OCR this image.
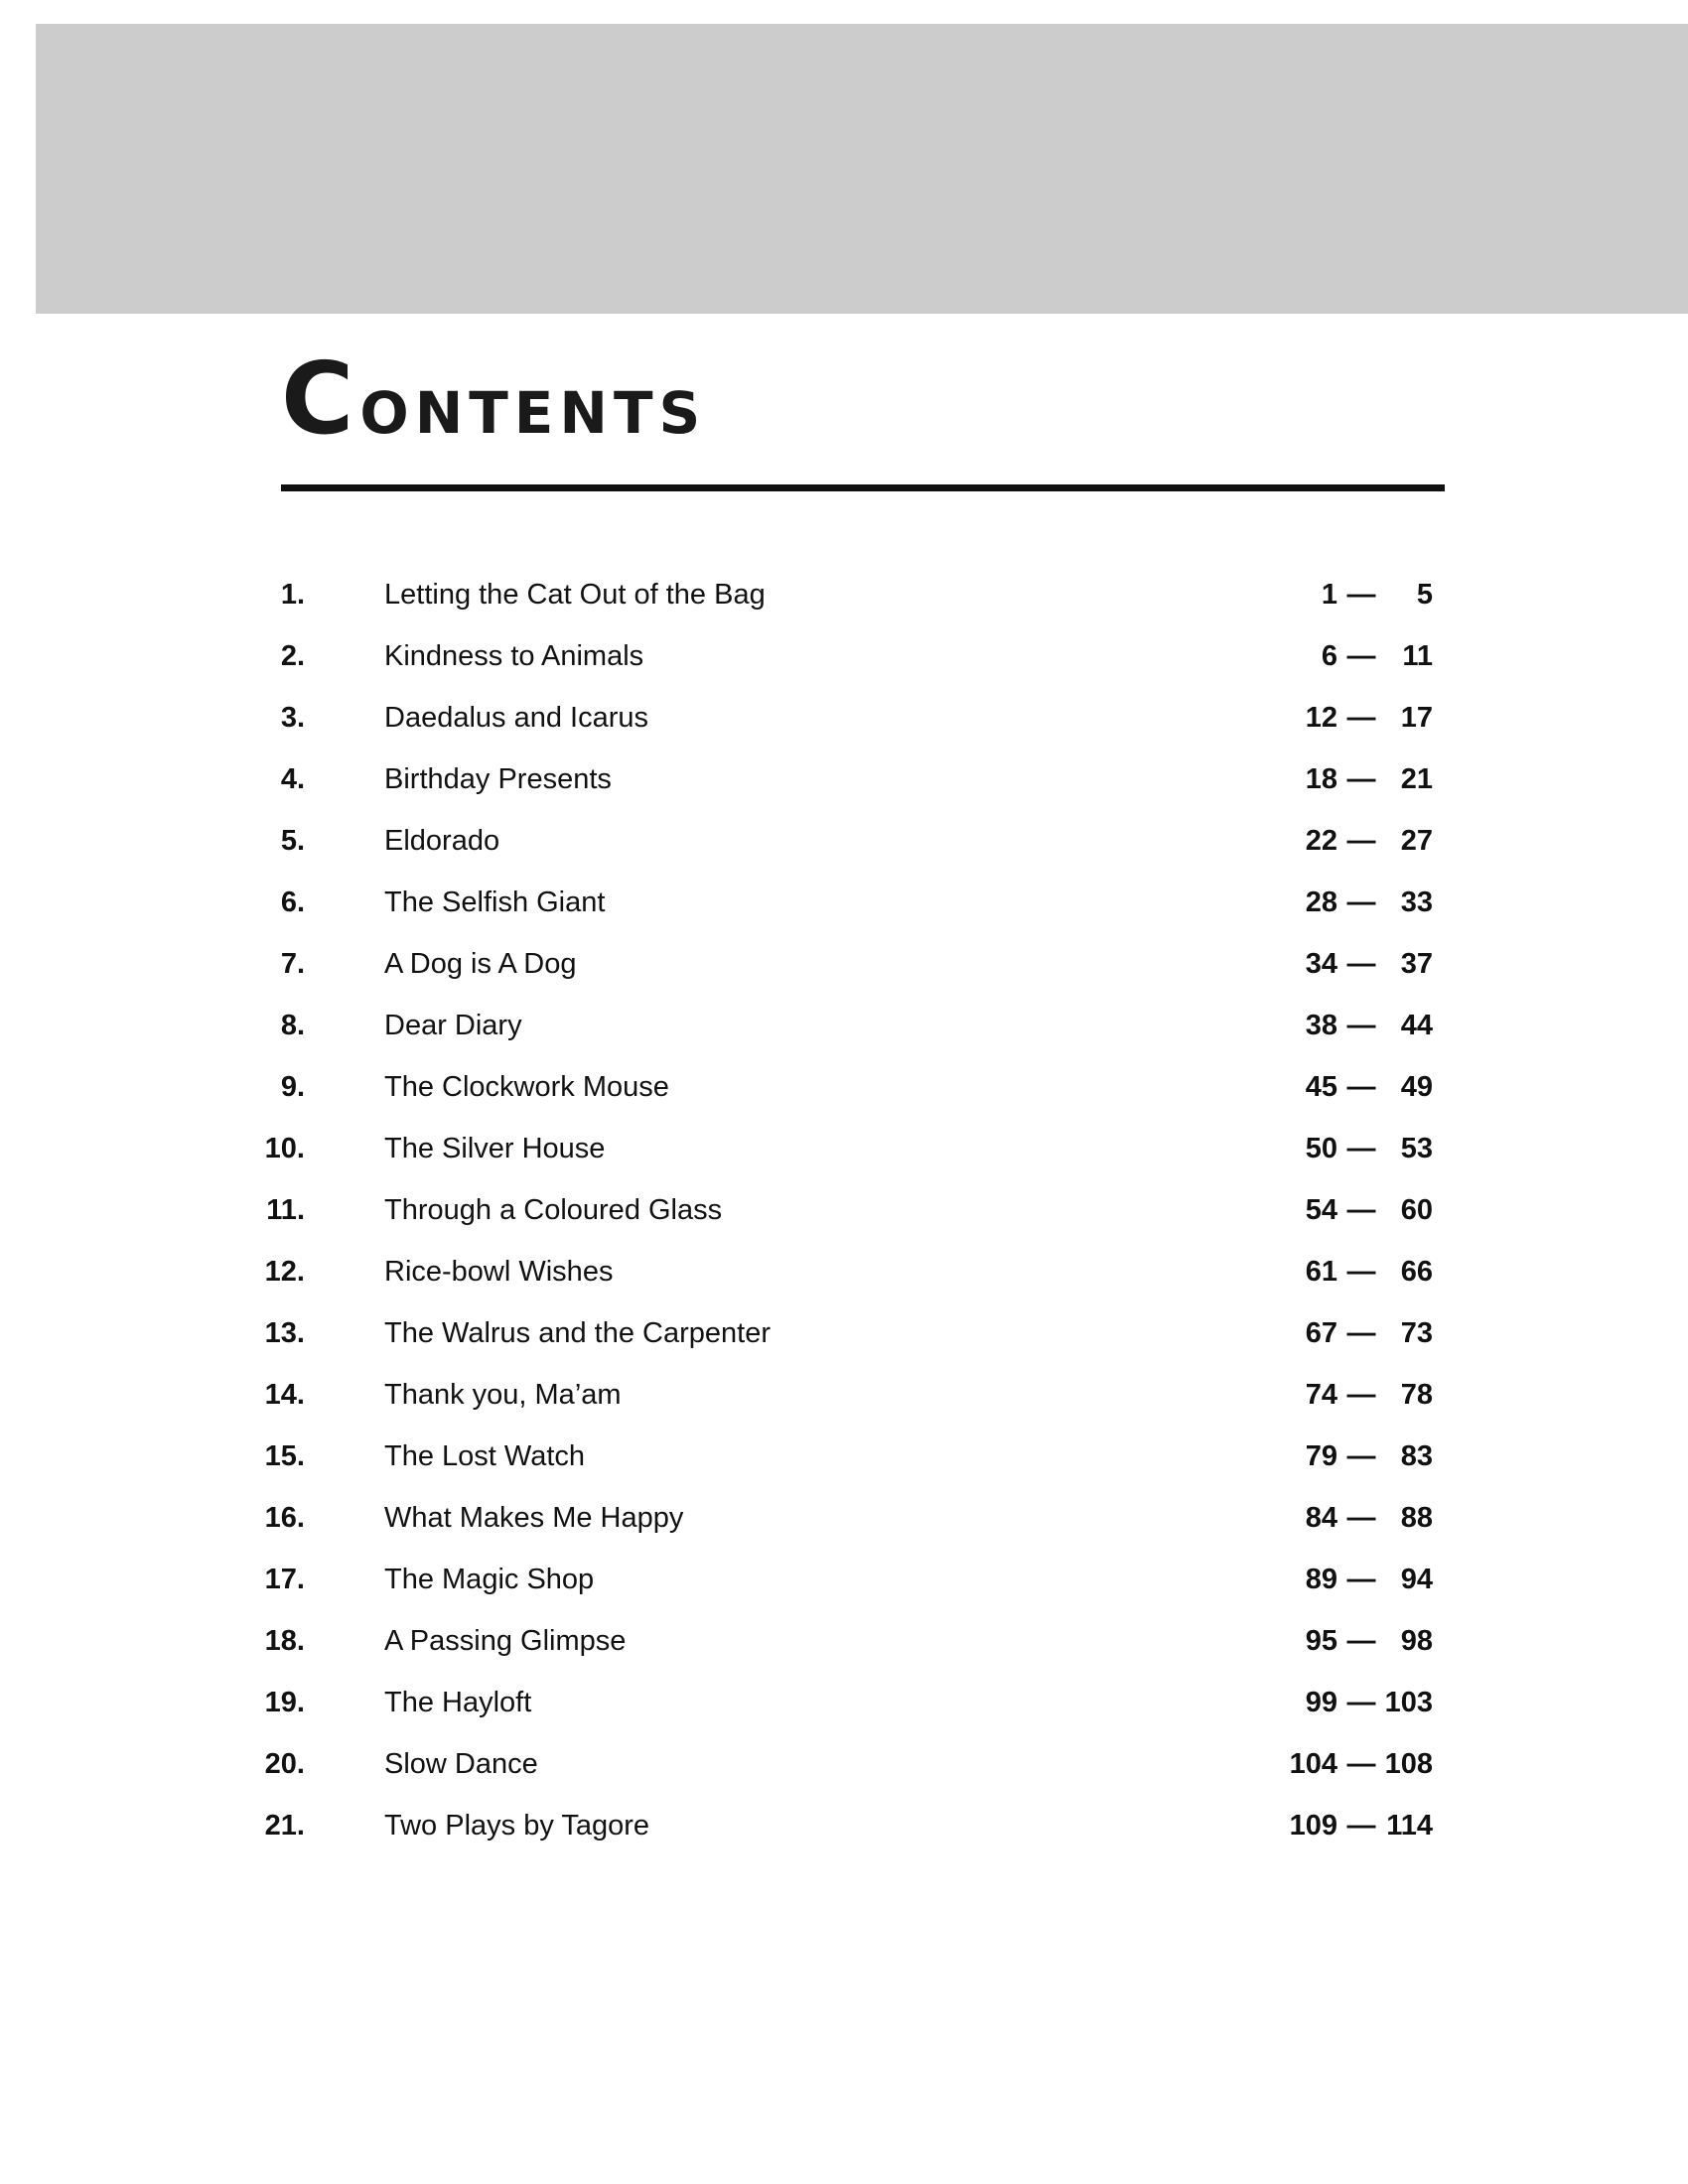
CONTENTS
1.	Letting the Cat Out of the Bag	1 —	5
2.	Kindness to Animals	6 — 11
3.	Daedalus and Icarus	12 — 17
4.	Birthday Presents	18 — 21
5.	Eldorado	22 — 27
6.	The Selfish Giant	28 — 33
7.	A Dog is A Dog	34 — 37
8.	Dear Diary	38 — 44
9.	The Clockwork Mouse	45 — 49
10.	The Silver House	50 — 53
11.	Through a Coloured Glass	54 — 60
12.	Rice-bowl Wishes	61 — 66
13.	The Walrus and the Carpenter	67 — 73
14.	Thank you, Ma’am	74 — 78
15.	The Lost Watch	79 — 83
16.	What Makes Me Happy	84 — 88
17.	The Magic Shop	89 — 94
18.	A Passing Glimpse	95 — 98
19.	The Hayloft	99 — 103
20.	Slow Dance	104 — 108
21.	Two Plays by Tagore	109 — 114
